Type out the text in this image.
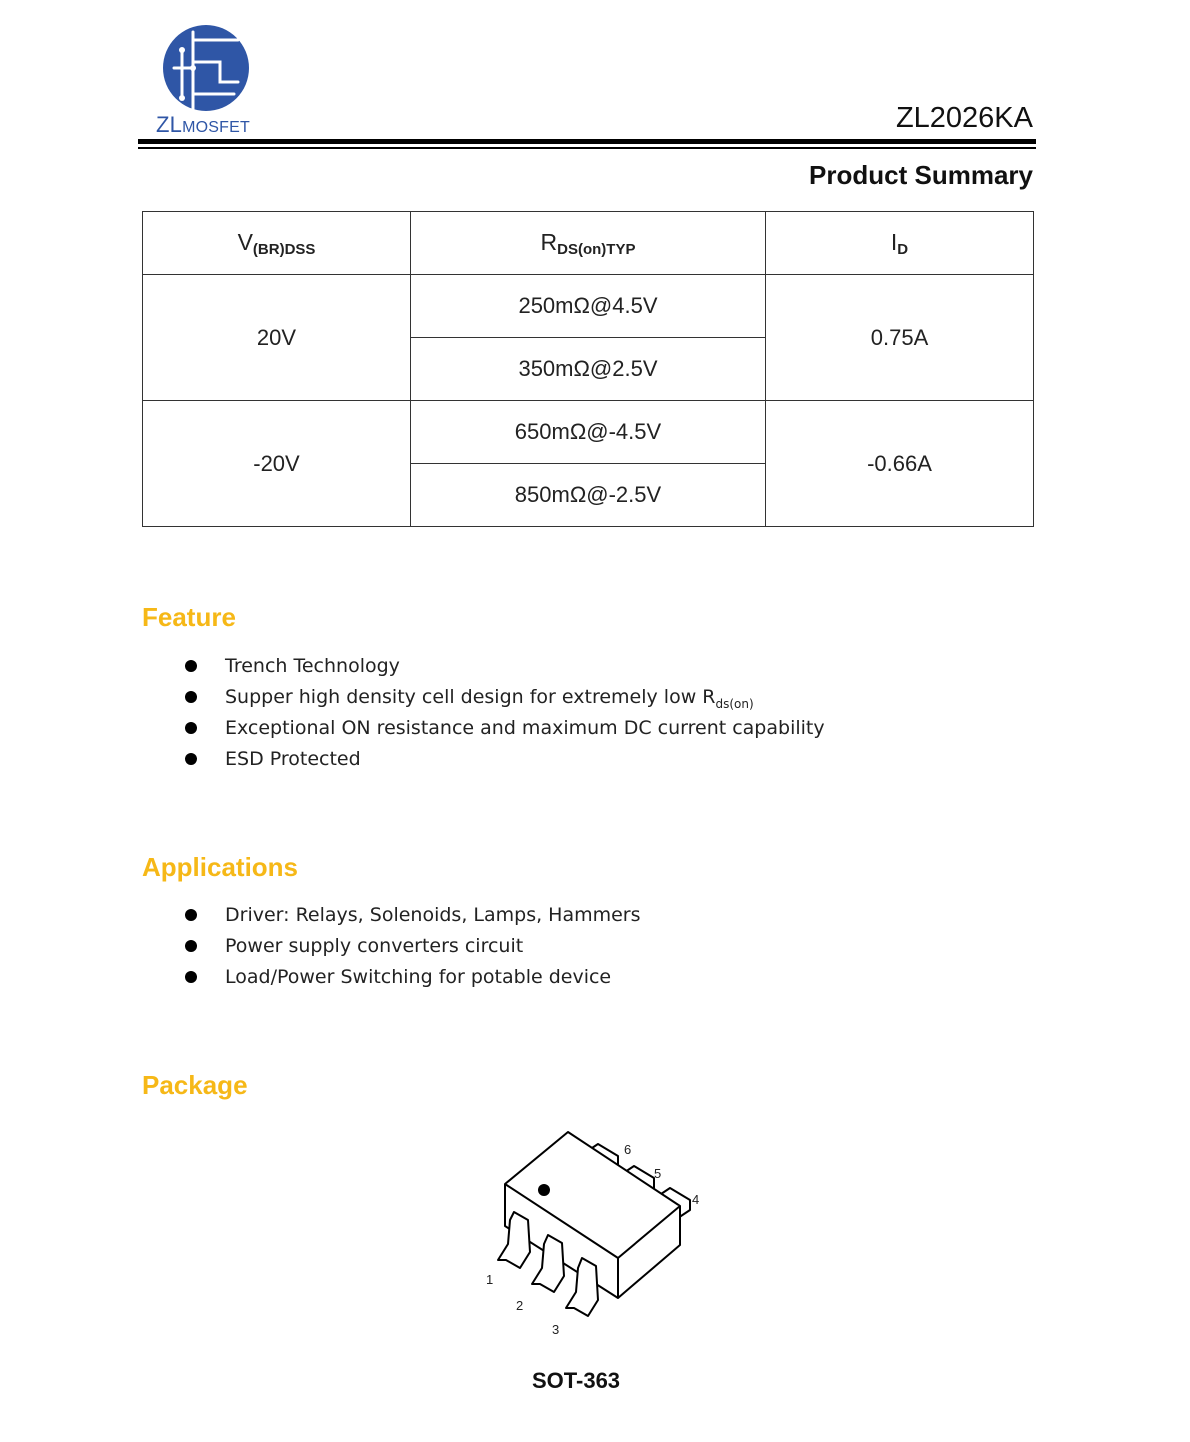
ZLMOSFET	ZL2026KA
Product Summary
$V_{(BR)DSS}$	$R_{DS(on)TYP}$	$I_D$
20V	250mΩ@4.5V	0.75A
	350mΩ@2.5V	
-20V	650mΩ@-4.5V	-0.66A
	850mΩ@-2.5V	
Feature
Trench Technology
Supper high density cell design for extremely low $R_{ds(on)}$
Exceptional ON resistance and maximum DC current capability
ESD Protected
Applications
Driver: Relays, Solenoids, Lamps, Hammers
Power supply converters circuit
Load/Power Switching for potable device
Package
1
2
3
4
5
6
SOT-363
